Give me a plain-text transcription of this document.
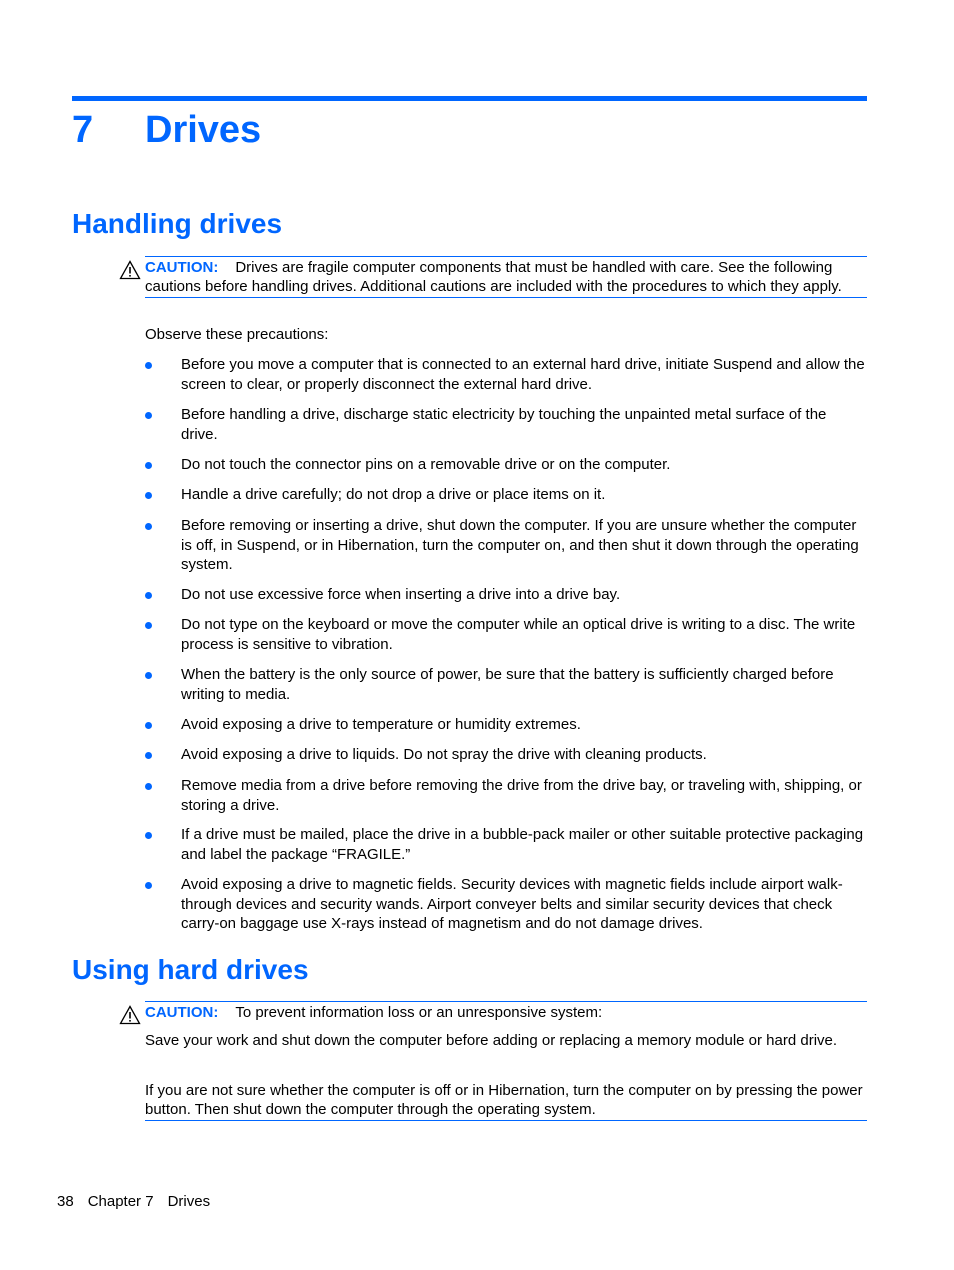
7 Drives
Handling drives

CAUTION: Drives are fragile computer components that must be handled with care. See the following cautions before handling drives. Additional cautions are included with the procedures to which they apply.

Observe these precautions:

Before you move a computer that is connected to an external hard drive, initiate Suspend and allow the screen to clear, or properly disconnect the external hard drive.
Before handling a drive, discharge static electricity by touching the unpainted metal surface of the drive.
Do not touch the connector pins on a removable drive or on the computer.
Handle a drive carefully; do not drop a drive or place items on it.
Before removing or inserting a drive, shut down the computer. If you are unsure whether the computer is off, in Suspend, or in Hibernation, turn the computer on, and then shut it down through the operating system.
Do not use excessive force when inserting a drive into a drive bay.
Do not type on the keyboard or move the computer while an optical drive is writing to a disc. The write process is sensitive to vibration.
When the battery is the only source of power, be sure that the battery is sufficiently charged before writing to media.
Avoid exposing a drive to temperature or humidity extremes.
Avoid exposing a drive to liquids. Do not spray the drive with cleaning products.
Remove media from a drive before removing the drive from the drive bay, or traveling with, shipping, or storing a drive.
If a drive must be mailed, place the drive in a bubble-pack mailer or other suitable protective packaging and label the package “FRAGILE.”
Avoid exposing a drive to magnetic fields. Security devices with magnetic fields include airport walk-through devices and security wands. Airport conveyer belts and similar security devices that check carry-on baggage use X-rays instead of magnetism and do not damage drives.
Using hard drives

CAUTION: To prevent information loss or an unresponsive system:

Save your work and shut down the computer before adding or replacing a memory module or hard drive.

If you are not sure whether the computer is off or in Hibernation, turn the computer on by pressing the power button. Then shut down the computer through the operating system.

38 Chapter 7 Drives
